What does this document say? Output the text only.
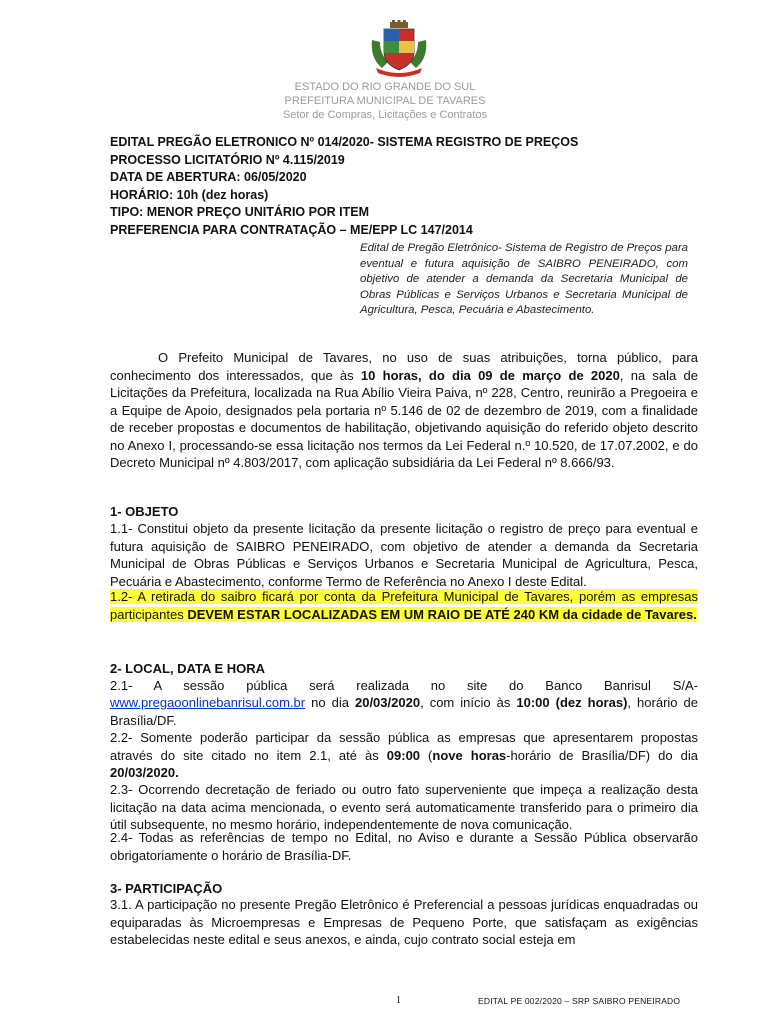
ESTADO DO RIO GRANDE DO SUL
PREFEITURA MUNICIPAL DE TAVARES
Setor de Compras, Licitações e Contratos
EDITAL PREGÃO ELETRONICO Nº 014/2020- SISTEMA REGISTRO DE PREÇOS
PROCESSO LICITATÓRIO Nº 4.115/2019
DATA DE ABERTURA: 06/05/2020
HORÁRIO: 10h (dez horas)
TIPO: MENOR PREÇO UNITÁRIO POR ITEM
PREFERENCIA PARA CONTRATAÇÃO – ME/EPP LC 147/2014
Edital de Pregão Eletrônico- Sistema de Registro de Preços para eventual e futura aquisição de SAIBRO PENEIRADO, com objetivo de atender a demanda da Secretaria Municipal de Obras Públicas e Serviços Urbanos e Secretaria Municipal de Agricultura, Pesca, Pecuária e Abastecimento.
O Prefeito Municipal de Tavares, no uso de suas atribuições, torna público, para conhecimento dos interessados, que às 10 horas, do dia 09 de março de 2020, na sala de Licitações da Prefeitura, localizada na Rua Abílio Vieira Paiva, nº 228, Centro, reunirão a Pregoeira e a Equipe de Apoio, designados pela portaria nº 5.146 de 02 de dezembro de 2019, com a finalidade de receber propostas e documentos de habilitação, objetivando aquisição do referido objeto descrito no Anexo I, processando-se essa licitação nos termos da Lei Federal n.º 10.520, de 17.07.2002, e do Decreto Municipal nº 4.803/2017, com aplicação subsidiária da Lei Federal nº 8.666/93.
1- OBJETO
1.1- Constitui objeto da presente licitação da presente licitação o registro de preço para eventual e futura aquisição de SAIBRO PENEIRADO, com objetivo de atender a demanda da Secretaria Municipal de Obras Públicas e Serviços Urbanos e Secretaria Municipal de Agricultura, Pesca, Pecuária e Abastecimento, conforme Termo de Referência no Anexo I deste Edital.
1.2- A retirada do saibro ficará por conta da Prefeitura Municipal de Tavares, porém as empresas participantes DEVEM ESTAR LOCALIZADAS EM UM RAIO DE ATÉ 240 KM da cidade de Tavares.
2- LOCAL, DATA E HORA
2.1- A sessão pública será realizada no site do Banco Banrisul S/A-
www.pregaoonlinebanrisul.com.br no dia 20/03/2020, com início às 10:00 (dez horas), horário de Brasília/DF.
2.2- Somente poderão participar da sessão pública as empresas que apresentarem propostas através do site citado no item 2.1, até às 09:00 (nove horas-horário de Brasília/DF) do dia 20/03/2020.
2.3- Ocorrendo decretação de feriado ou outro fato superveniente que impeça a realização desta licitação na data acima mencionada, o evento será automaticamente transferido para o primeiro dia útil subsequente, no mesmo horário, independentemente de nova comunicação.
2.4- Todas as referências de tempo no Edital, no Aviso e durante a Sessão Pública observarão obrigatoriamente o horário de Brasília-DF.
3- PARTICIPAÇÃO
3.1. A participação no presente Pregão Eletrônico é Preferencial a pessoas jurídicas enquadradas ou equiparadas às Microempresas e Empresas de Pequeno Porte, que satisfaçam as exigências estabelecidas neste edital e seus anexos, e ainda, cujo contrato social esteja em
1	EDITAL PE 002/2020 – SRP SAIBRO PENEIRADO
